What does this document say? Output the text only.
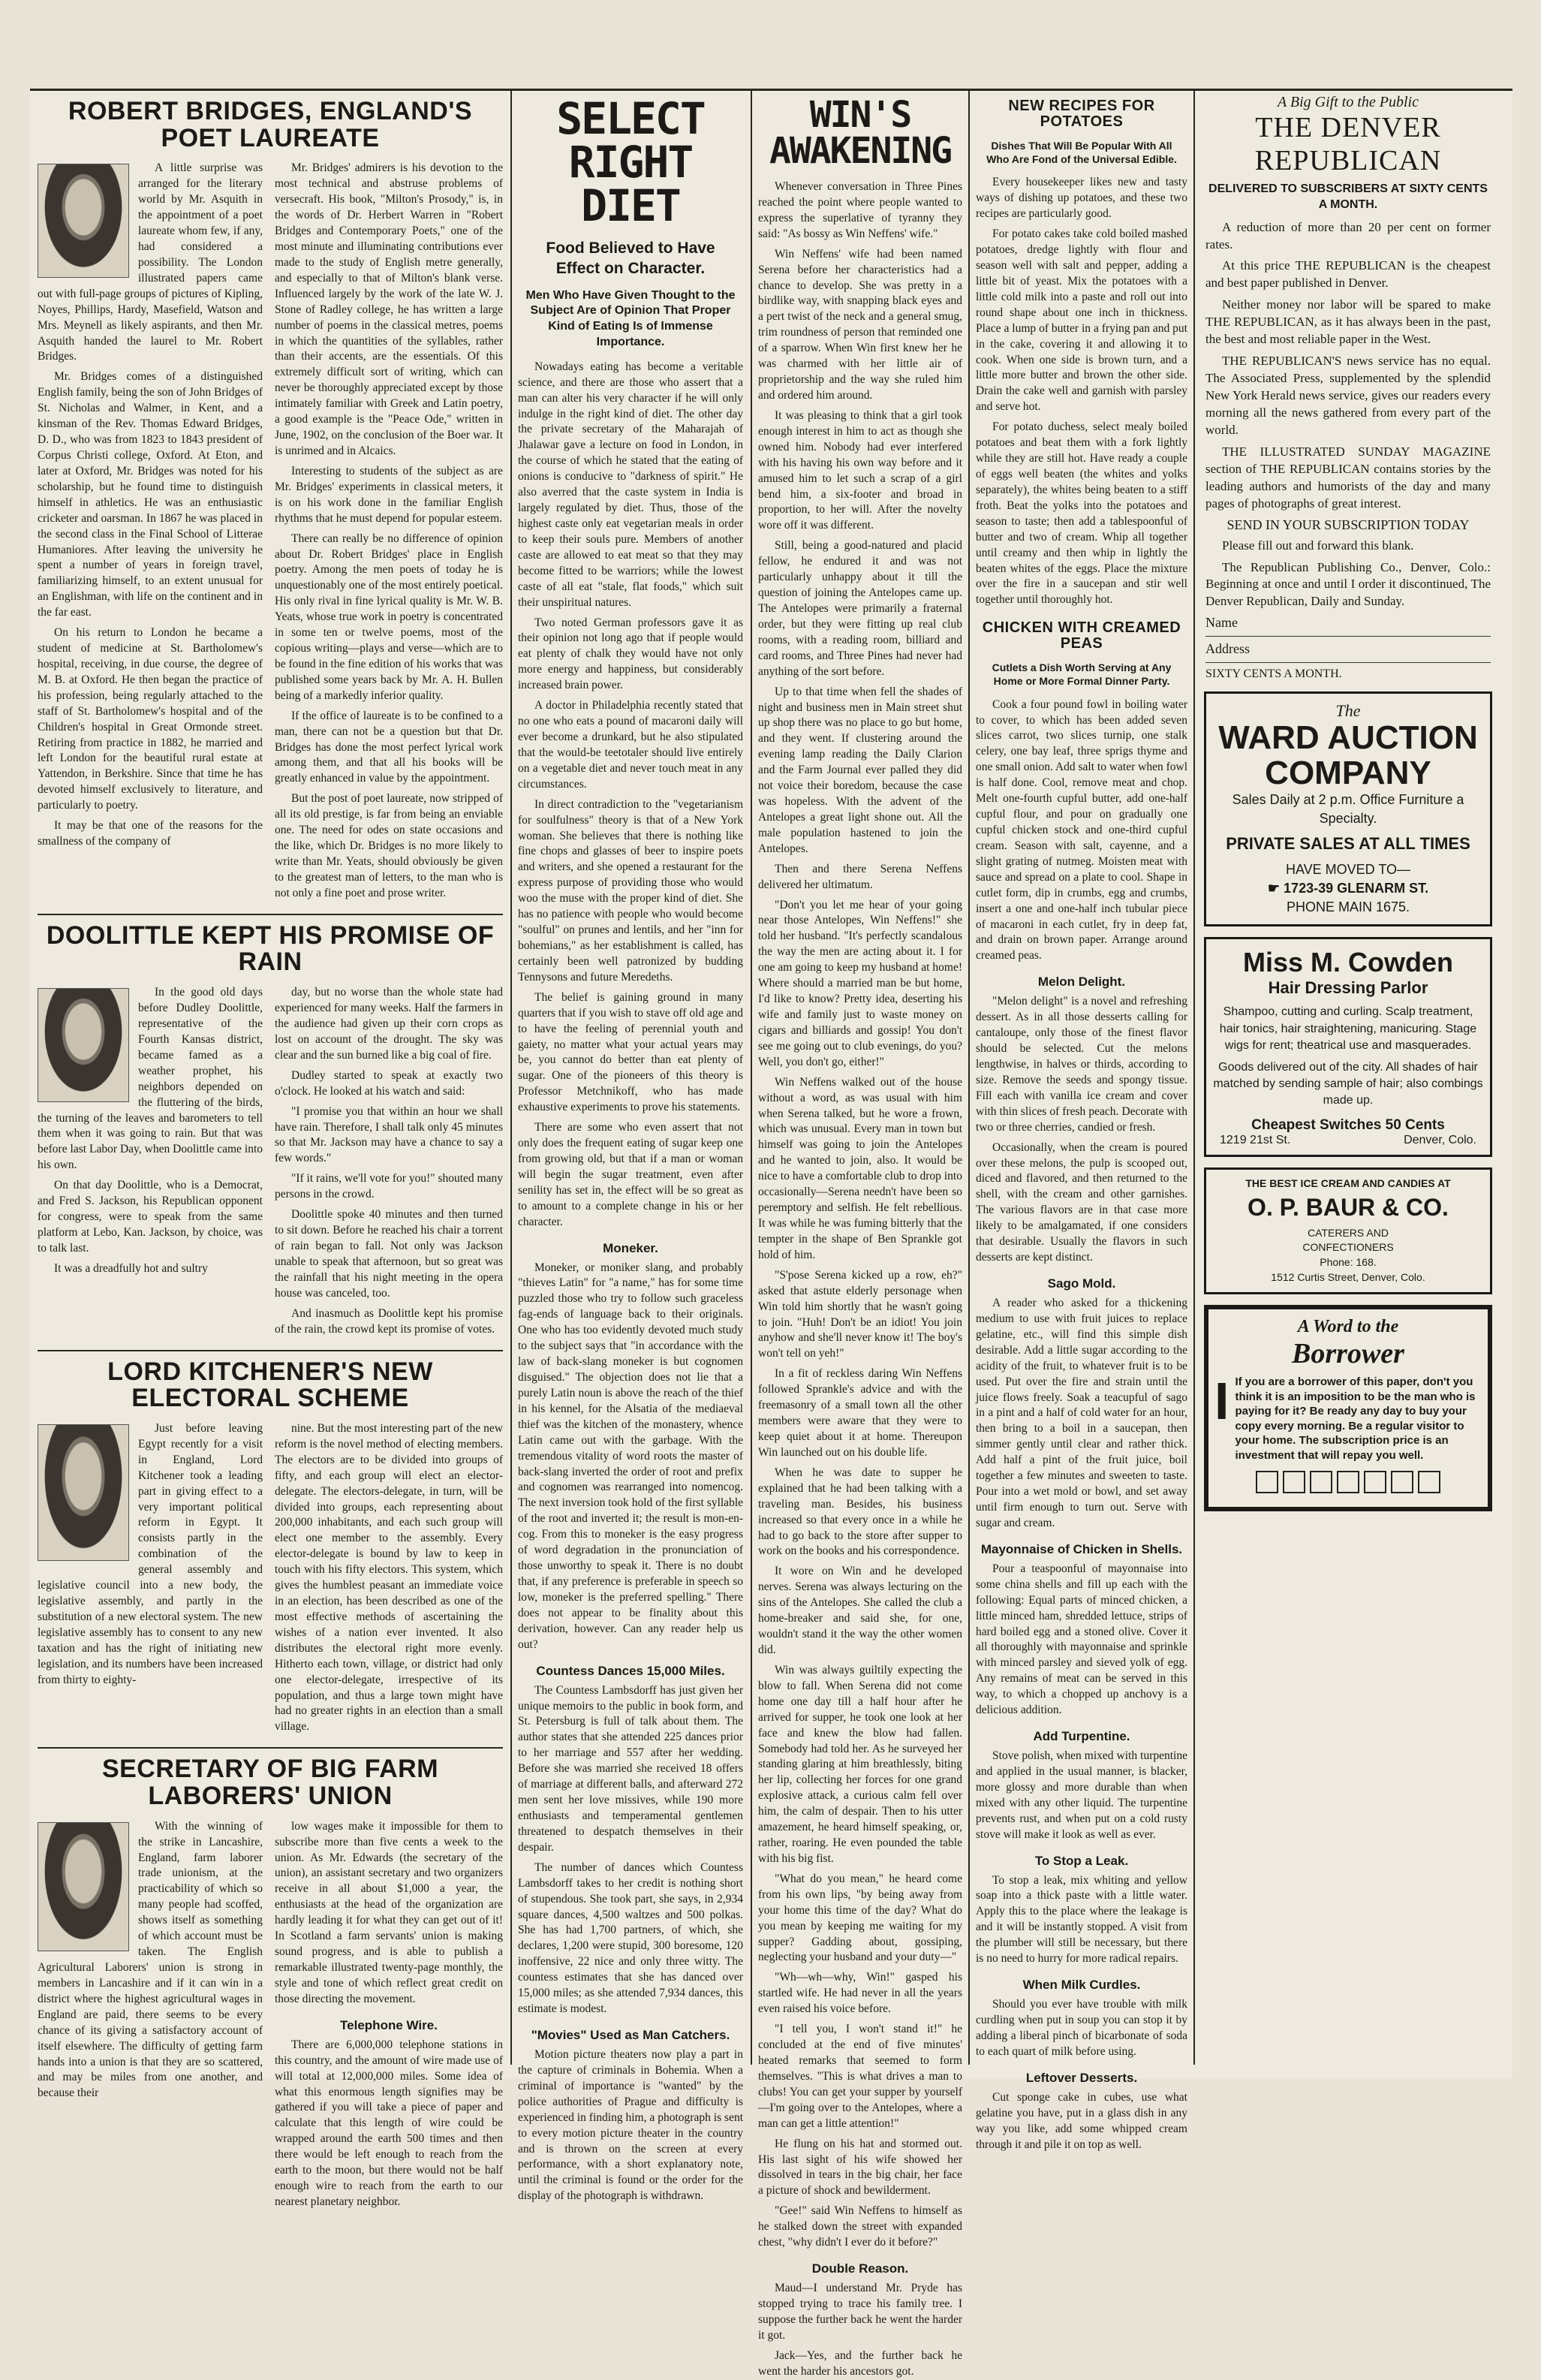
ROBERT BRIDGES, ENGLAND'S POET LAUREATE

A little surprise was arranged for the literary world by Mr. Asquith in the appointment of a poet laureate whom few, if any, had considered a possibility. The London illustrated papers came out with full-page groups of pictures of Kipling, Noyes, Phillips, Hardy, Masefield, Watson and Mrs. Meynell as likely aspirants, and then Mr. Asquith handed the laurel to Mr. Robert Bridges.

Mr. Bridges comes of a distinguished English family, being the son of John Bridges of St. Nicholas and Walmer, in Kent, and a kinsman of the Rev. Thomas Edward Bridges, D. D., who was from 1823 to 1843 president of Corpus Christi college, Oxford. At Eton, and later at Oxford, Mr. Bridges was noted for his scholarship, but he found time to distinguish himself in athletics. He was an enthusiastic cricketer and oarsman. In 1867 he was placed in the second class in the Final School of Litterae Humaniores. After leaving the university he spent a number of years in foreign travel, familiarizing himself, to an extent unusual for an Englishman, with life on the continent and in the far east.

On his return to London he became a student of medicine at St. Bartholomew's hospital, receiving, in due course, the degree of M. B. at Oxford. He then began the practice of his profession, being regularly attached to the staff of St. Bartholomew's hospital and of the Children's hospital in Great Ormonde street. Retiring from practice in 1882, he married and left London for the beautiful rural estate at Yattendon, in Berkshire. Since that time he has devoted himself exclusively to literature, and particularly to poetry.

It may be that one of the reasons for the smallness of the company of

Mr. Bridges' admirers is his devotion to the most technical and abstruse problems of versecraft. His book, "Milton's Prosody," is, in the words of Dr. Herbert Warren in "Robert Bridges and Contemporary Poets," one of the most minute and illuminating contributions ever made to the study of English metre generally, and especially to that of Milton's blank verse. Influenced largely by the work of the late W. J. Stone of Radley college, he has written a large number of poems in the classical metres, poems in which the quantities of the syllables, rather than their accents, are the essentials. Of this extremely difficult sort of writing, which can never be thoroughly appreciated except by those intimately familiar with Greek and Latin poetry, a good example is the "Peace Ode," written in June, 1902, on the conclusion of the Boer war. It is unrimed and in Alcaics.

Interesting to students of the subject as are Mr. Bridges' experiments in classical meters, it is on his work done in the familiar English rhythms that he must depend for popular esteem.

There can really be no difference of opinion about Dr. Robert Bridges' place in English poetry. Among the men poets of today he is unquestionably one of the most entirely poetical. His only rival in fine lyrical quality is Mr. W. B. Yeats, whose true work in poetry is concentrated in some ten or twelve poems, most of the copious writing—plays and verse—which are to be found in the fine edition of his works that was published some years back by Mr. A. H. Bullen being of a markedly inferior quality.

If the office of laureate is to be confined to a man, there can not be a question but that Dr. Bridges has done the most perfect lyrical work among them, and that all his books will be greatly enhanced in value by the appointment.

But the post of poet laureate, now stripped of all its old prestige, is far from being an enviable one. The need for odes on state occasions and the like, which Dr. Bridges is no more likely to write than Mr. Yeats, should obviously be given to the greatest man of letters, to the man who is not only a fine poet and prose writer.

DOOLITTLE KEPT HIS PROMISE OF RAIN

In the good old days before Dudley Doolittle, representative of the Fourth Kansas district, became famed as a weather prophet, his neighbors depended on the fluttering of the birds, the turning of the leaves and barometers to tell them when it was going to rain. But that was before last Labor Day, when Doolittle came into his own.

On that day Doolittle, who is a Democrat, and Fred S. Jackson, his Republican opponent for congress, were to speak from the same platform at Lebo, Kan. Jackson, by choice, was to talk last.

It was a dreadfully hot and sultry

day, but no worse than the whole state had experienced for many weeks. Half the farmers in the audience had given up their corn crops as lost on account of the drought. The sky was clear and the sun burned like a big coal of fire.

Dudley started to speak at exactly two o'clock. He looked at his watch and said:

"I promise you that within an hour we shall have rain. Therefore, I shall talk only 45 minutes so that Mr. Jackson may have a chance to say a few words."

"If it rains, we'll vote for you!" shouted many persons in the crowd.

Doolittle spoke 40 minutes and then turned to sit down. Before he reached his chair a torrent of rain began to fall. Not only was Jackson unable to speak that afternoon, but so great was the rainfall that his night meeting in the opera house was canceled, too.

And inasmuch as Doolittle kept his promise of the rain, the crowd kept its promise of votes.

LORD KITCHENER'S NEW ELECTORAL SCHEME

Just before leaving Egypt recently for a visit in England, Lord Kitchener took a leading part in giving effect to a very important political reform in Egypt. It consists partly in the combination of the general assembly and legislative council into a new body, the legislative assembly, and partly in the substitution of a new electoral system. The new legislative assembly has to consent to any new taxation and has the right of initiating new legislation, and its numbers have been increased from thirty to eighty-

nine. But the most interesting part of the new reform is the novel method of electing members. The electors are to be divided into groups of fifty, and each group will elect an elector-delegate. The electors-delegate, in turn, will be divided into groups, each representing about 200,000 inhabitants, and each such group will elect one member to the assembly. Every elector-delegate is bound by law to keep in touch with his fifty electors. This system, which gives the humblest peasant an immediate voice in an election, has been described as one of the most effective methods of ascertaining the wishes of a nation ever invented. It also distributes the electoral right more evenly. Hitherto each town, village, or district had only one elector-delegate, irrespective of its population, and thus a large town might have had no greater rights in an election than a small village.

SECRETARY OF BIG FARM LABORERS' UNION

With the winning of the strike in Lancashire, England, farm laborer trade unionism, at the practicability of which so many people had scoffed, shows itself as something of which account must be taken. The English Agricultural Laborers' union is strong in members in Lancashire and if it can win in a district where the highest agricultural wages in England are paid, there seems to be every chance of its giving a satisfactory account of itself elsewhere. The difficulty of getting farm hands into a union is that they are so scattered, and may be miles from one another, and because their

low wages make it impossible for them to subscribe more than five cents a week to the union. As Mr. Edwards (the secretary of the union), an assistant secretary and two organizers receive in all about $1,000 a year, the enthusiasts at the head of the organization are hardly leading it for what they can get out of it! In Scotland a farm servants' union is making sound progress, and is able to publish a remarkable illustrated twenty-page monthly, the style and tone of which reflect great credit on those directing the movement.

Telephone Wire.

There are 6,000,000 telephone stations in this country, and the amount of wire made use of will total at 12,000,000 miles. Some idea of what this enormous length signifies may be gathered if you will take a piece of paper and calculate that this length of wire could be wrapped around the earth 500 times and then there would be left enough to reach from the earth to the moon, but there would not be half enough wire to reach from the earth to our nearest planetary neighbor.

SELECT RIGHT DIET
Food Believed to Have Effect on Character.
Men Who Have Given Thought to the Subject Are of Opinion That Proper Kind of Eating Is of Immense Importance.

Nowadays eating has become a veritable science, and there are those who assert that a man can alter his very character if he will only indulge in the right kind of diet. The other day the private secretary of the Maharajah of Jhalawar gave a lecture on food in London, in the course of which he stated that the eating of onions is conducive to "darkness of spirit." He also averred that the caste system in India is largely regulated by diet. Thus, those of the highest caste only eat vegetarian meals in order to keep their souls pure. Members of another caste are allowed to eat meat so that they may become fitted to be warriors; while the lowest caste of all eat "stale, flat foods," which suit their unspiritual natures.

Two noted German professors gave it as their opinion not long ago that if people would eat plenty of chalk they would have not only more energy and happiness, but considerably increased brain power.

A doctor in Philadelphia recently stated that no one who eats a pound of macaroni daily will ever become a drunkard, but he also stipulated that the would-be teetotaler should live entirely on a vegetable diet and never touch meat in any circumstances.

In direct contradiction to the "vegetarianism for soulfulness" theory is that of a New York woman. She believes that there is nothing like fine chops and glasses of beer to inspire poets and writers, and she opened a restaurant for the express purpose of providing those who would woo the muse with the proper kind of diet. She has no patience with people who would become "soulful" on prunes and lentils, and her "inn for bohemians," as her establishment is called, has certainly been well patronized by budding Tennysons and future Meredeths.

The belief is gaining ground in many quarters that if you wish to stave off old age and to have the feeling of perennial youth and gaiety, no matter what your actual years may be, you cannot do better than eat plenty of sugar. One of the pioneers of this theory is Professor Metchnikoff, who has made exhaustive experiments to prove his statements.

There are some who even assert that not only does the frequent eating of sugar keep one from growing old, but that if a man or woman will begin the sugar treatment, even after senility has set in, the effect will be so great as to amount to a complete change in his or her character.

Moneker.

Moneker, or moniker slang, and probably "thieves Latin" for "a name," has for some time puzzled those who try to follow such graceless fag-ends of language back to their originals. One who has too evidently devoted much study to the subject says that "in accordance with the law of back-slang moneker is but cognomen disguised." The objection does not lie that a purely Latin noun is above the reach of the thief in his kennel, for the Alsatia of the mediaeval thief was the kitchen of the monastery, whence Latin came out with the garbage. With the tremendous vitality of word roots the master of back-slang inverted the order of root and prefix and cognomen was rearranged into nomencog. The next inversion took hold of the first syllable of the root and inverted it; the result is mon-en-cog. From this to moneker is the easy progress of word degradation in the pronunciation of those unworthy to speak it. There is no doubt that, if any preference is preferable in speech so low, moneker is the preferred spelling." There does not appear to be finality about this derivation, however. Can any reader help us out?

Countess Dances 15,000 Miles.

The Countess Lambsdorff has just given her unique memoirs to the public in book form, and St. Petersburg is full of talk about them. The author states that she attended 225 dances prior to her marriage and 557 after her wedding. Before she was married she received 18 offers of marriage at different balls, and afterward 272 men sent her love missives, while 190 more enthusiasts and temperamental gentlemen threatened to despatch themselves in their despair.

The number of dances which Countess Lambsdorff takes to her credit is nothing short of stupendous. She took part, she says, in 2,934 square dances, 4,500 waltzes and 500 polkas. She has had 1,700 partners, of which, she declares, 1,200 were stupid, 300 boresome, 120 inoffensive, 22 nice and only three witty. The countess estimates that she has danced over 15,000 miles; as she attended 7,934 dances, this estimate is modest.

"Movies" Used as Man Catchers.

Motion picture theaters now play a part in the capture of criminals in Bohemia. When a criminal of importance is "wanted" by the police authorities of Prague and difficulty is experienced in finding him, a photograph is sent to every motion picture theater in the country and is thrown on the screen at every performance, with a short explanatory note, until the criminal is found or the order for the display of the photograph is withdrawn.

WIN'S AWAKENING

Whenever conversation in Three Pines reached the point where people wanted to express the superlative of tyranny they said: "As bossy as Win Neffens' wife."

Win Neffens' wife had been named Serena before her characteristics had a chance to develop. She was pretty in a birdlike way, with snapping black eyes and a pert twist of the neck and a general smug, trim roundness of person that reminded one of a sparrow. When Win first knew her he was charmed with her little air of proprietorship and the way she ruled him and ordered him around.

It was pleasing to think that a girl took enough interest in him to act as though she owned him. Nobody had ever interfered with his having his own way before and it amused him to let such a scrap of a girl bend him, a six-footer and broad in proportion, to her will. After the novelty wore off it was different.

Still, being a good-natured and placid fellow, he endured it and was not particularly unhappy about it till the question of joining the Antelopes came up. The Antelopes were primarily a fraternal order, but they were fitting up real club rooms, with a reading room, billiard and card rooms, and Three Pines had never had anything of the sort before.

Up to that time when fell the shades of night and business men in Main street shut up shop there was no place to go but home, and they went. If clustering around the evening lamp reading the Daily Clarion and the Farm Journal ever palled they did not voice their boredom, because the case was hopeless. With the advent of the Antelopes a great light shone out. All the male population hastened to join the Antelopes.

Then and there Serena Neffens delivered her ultimatum.

"Don't you let me hear of your going near those Antelopes, Win Neffens!" she told her husband. "It's perfectly scandalous the way the men are acting about it. I for one am going to keep my husband at home! Where should a married man be but home, I'd like to know? Pretty idea, deserting his wife and family just to waste money on cigars and billiards and gossip! You don't see me going out to club evenings, do you? Well, you don't go, either!"

Win Neffens walked out of the house without a word, as was usual with him when Serena talked, but he wore a frown, which was unusual. Every man in town but himself was going to join the Antelopes and he wanted to join, also. It would be nice to have a comfortable club to drop into occasionally—Serena needn't have been so peremptory and selfish. He felt rebellious. It was while he was fuming bitterly that the tempter in the shape of Ben Sprankle got hold of him.

"S'pose Serena kicked up a row, eh?" asked that astute elderly personage when Win told him shortly that he wasn't going to join. "Huh! Don't be an idiot! You join anyhow and she'll never know it! The boy's won't tell on yeh!"

In a fit of reckless daring Win Neffens followed Sprankle's advice and with the freemasonry of a small town all the other members were aware that they were to keep quiet about it at home. Thereupon Win launched out on his double life.

When he was date to supper he explained that he had been talking with a traveling man. Besides, his business increased so that every once in a while he had to go back to the store after supper to work on the books and his correspondence.

It wore on Win and he developed nerves. Serena was always lecturing on the sins of the Antelopes. She called the club a home-breaker and said she, for one, wouldn't stand it the way the other women did.

Win was always guiltily expecting the blow to fall. When Serena did not come home one day till a half hour after he arrived for supper, he took one look at her face and knew the blow had fallen. Somebody had told her. As he surveyed her standing glaring at him breathlessly, biting her lip, collecting her forces for one grand explosive attack, a curious calm fell over him, the calm of despair. Then to his utter amazement, he heard himself speaking, or, rather, roaring. He even pounded the table with his big fist.

"What do you mean," he heard come from his own lips, "by being away from your home this time of the day? What do you mean by keeping me waiting for my supper? Gadding about, gossiping, neglecting your husband and your duty—"

"Wh—wh—why, Win!" gasped his startled wife. He had never in all the years even raised his voice before.

"I tell you, I won't stand it!" he concluded at the end of five minutes' heated remarks that seemed to form themselves. "This is what drives a man to clubs! You can get your supper by yourself—I'm going over to the Antelopes, where a man can get a little attention!"

He flung on his hat and stormed out. His last sight of his wife showed her dissolved in tears in the big chair, her face a picture of shock and bewilderment.

"Gee!" said Win Neffens to himself as he stalked down the street with expanded chest, "why didn't I ever do it before?"

Double Reason.

Maud—I understand Mr. Pryde has stopped trying to trace his family tree. I suppose the further back he went the harder it got.

Jack—Yes, and the further back he went the harder his ancestors got.

NEW RECIPES FOR POTATOES
Dishes That Will Be Popular With All Who Are Fond of the Universal Edible.

Every housekeeper likes new and tasty ways of dishing up potatoes, and these two recipes are particularly good.

For potato cakes take cold boiled mashed potatoes, dredge lightly with flour and season well with salt and pepper, adding a little bit of yeast. Mix the potatoes with a little cold milk into a paste and roll out into round shape about one inch in thickness. Place a lump of butter in a frying pan and put in the cake, covering it and allowing it to cook. When one side is brown turn, and a little more butter and brown the other side. Drain the cake well and garnish with parsley and serve hot.

For potato duchess, select mealy boiled potatoes and beat them with a fork lightly while they are still hot. Have ready a couple of eggs well beaten (the whites and yolks separately), the whites being beaten to a stiff froth. Beat the yolks into the potatoes and season to taste; then add a tablespoonful of butter and two of cream. Whip all together until creamy and then whip in lightly the beaten whites of the eggs. Place the mixture over the fire in a saucepan and stir well together until thoroughly hot.

CHICKEN WITH CREAMED PEAS
Cutlets a Dish Worth Serving at Any Home or More Formal Dinner Party.

Cook a four pound fowl in boiling water to cover, to which has been added seven slices carrot, two slices turnip, one stalk celery, one bay leaf, three sprigs thyme and one small onion. Add salt to water when fowl is half done. Cool, remove meat and chop. Melt one-fourth cupful butter, add one-half cupful flour, and pour on gradually one cupful chicken stock and one-third cupful cream. Season with salt, cayenne, and a slight grating of nutmeg. Moisten meat with sauce and spread on a plate to cool. Shape in cutlet form, dip in crumbs, egg and crumbs, insert a one and one-half inch tubular piece of macaroni in each cutlet, fry in deep fat, and drain on brown paper. Arrange around creamed peas.

Melon Delight.

"Melon delight" is a novel and refreshing dessert. As in all those desserts calling for cantaloupe, only those of the finest flavor should be selected. Cut the melons lengthwise, in halves or thirds, according to size. Remove the seeds and spongy tissue. Fill each with vanilla ice cream and cover with thin slices of fresh peach. Decorate with two or three cherries, candied or fresh.

Occasionally, when the cream is poured over these melons, the pulp is scooped out, diced and flavored, and then returned to the shell, with the cream and other garnishes. The various flavors are in that case more likely to be amalgamated, if one considers that desirable. Usually the flavors in such desserts are kept distinct.

Sago Mold.

A reader who asked for a thickening medium to use with fruit juices to replace gelatine, etc., will find this simple dish desirable. Add a little sugar according to the acidity of the fruit, to whatever fruit is to be used. Put over the fire and strain until the juice flows freely. Soak a teacupful of sago in a pint and a half of cold water for an hour, then bring to a boil in a saucepan, then simmer gently until clear and rather thick. Add half a pint of the fruit juice, boil together a few minutes and sweeten to taste. Pour into a wet mold or bowl, and set away until firm enough to turn out. Serve with sugar and cream.

Mayonnaise of Chicken in Shells.

Pour a teaspoonful of mayonnaise into some china shells and fill up each with the following: Equal parts of minced chicken, a little minced ham, shredded lettuce, strips of hard boiled egg and a stoned olive. Cover it all thoroughly with mayonnaise and sprinkle with minced parsley and sieved yolk of egg. Any remains of meat can be served in this way, to which a chopped up anchovy is a delicious addition.

Add Turpentine.

Stove polish, when mixed with turpentine and applied in the usual manner, is blacker, more glossy and more durable than when mixed with any other liquid. The turpentine prevents rust, and when put on a cold rusty stove will make it look as well as ever.

To Stop a Leak.

To stop a leak, mix whiting and yellow soap into a thick paste with a little water. Apply this to the place where the leakage is and it will be instantly stopped. A visit from the plumber will still be necessary, but there is no need to hurry for more radical repairs.

When Milk Curdles.

Should you ever have trouble with milk curdling when put in soup you can stop it by adding a liberal pinch of bicarbonate of soda to each quart of milk before using.

Leftover Desserts.

Cut sponge cake in cubes, use what gelatine you have, put in a glass dish in any way you like, add some whipped cream through it and pile it on top as well.

A Big Gift to the Public
THE DENVER
REPUBLICAN
DELIVERED TO SUBSCRIBERS AT SIXTY CENTS A MONTH.

A reduction of more than 20 per cent on former rates.

At this price THE REPUBLICAN is the cheapest and best paper published in Denver.

Neither money nor labor will be spared to make THE REPUBLICAN, as it has always been in the past, the best and most reliable paper in the West.

THE REPUBLICAN'S news service has no equal. The Associated Press, supplemented by the splendid New York Herald news service, gives our readers every morning all the news gathered from every part of the world.

THE ILLUSTRATED SUNDAY MAGAZINE section of THE REPUBLICAN contains stories by the leading authors and humorists of the day and many pages of photographs of great interest.

SEND IN YOUR SUBSCRIPTION TODAY

Please fill out and forward this blank.

The Republican Publishing Co., Denver, Colo.: Beginning at once and until I order it discontinued, The Denver Republican, Daily and Sunday.

Name
Address
SIXTY CENTS A MONTH.
The
WARD AUCTION
COMPANY
Sales Daily at 2 p.m. Office Furniture a Specialty.
PRIVATE SALES AT ALL TIMES
HAVE MOVED TO—
☛ 1723-39 GLENARM ST.
PHONE MAIN 1675.
Miss M. Cowden
Hair Dressing Parlor
Shampoo, cutting and curling. Scalp treatment, hair tonics, hair straightening, manicuring. Stage wigs for rent; theatrical use and masquerades.
Goods delivered out of the city. All shades of hair matched by sending sample of hair; also combings made up.
Cheapest Switches 50 Cents
1219 21st St.	Denver, Colo.
THE BEST ICE CREAM AND CANDIES AT
O. P. BAUR & CO.
CATERERS AND
CONFECTIONERS
Phone: 168.
1512 Curtis Street, Denver, Colo.
A Word to the
Borrower
I If you are a borrower of this paper, don't you think it is an imposition to be the man who is paying for it? Be ready any day to buy your copy every morning. Be a regular visitor to your home. The subscription price is an investment that will repay you well.
